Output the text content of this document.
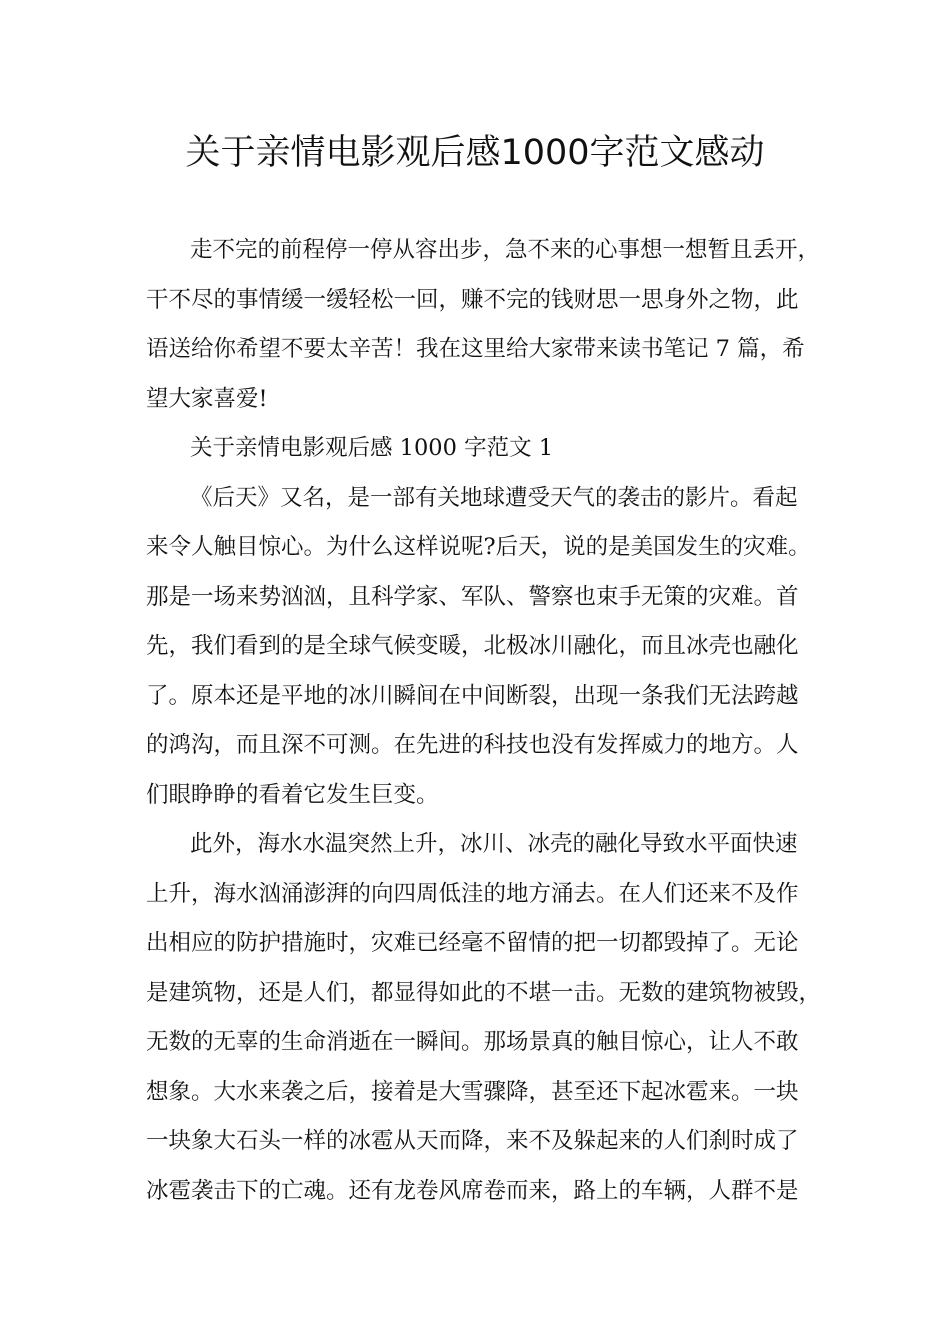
关于亲情电影观后感1000字范文感动
走不完的前程停一停从容出步，急不来的心事想一想暂且丢开，
干不尽的事情缓一缓轻松一回，赚不完的钱财思一思身外之物，此
语送给你希望不要太辛苦！我在这里给大家带来读书笔记 7 篇，希
望大家喜爱!
关于亲情电影观后感 1000 字范文 1
《后天》又名，是一部有关地球遭受天气的袭击的影片。看起
来令人触目惊心。为什么这样说呢?后天，说的是美国发生的灾难。
那是一场来势汹汹，且科学家、军队、警察也束手无策的灾难。首
先，我们看到的是全球气候变暖，北极冰川融化，而且冰壳也融化
了。原本还是平地的冰川瞬间在中间断裂，出现一条我们无法跨越
的鸿沟，而且深不可测。在先进的科技也没有发挥威力的地方。人
们眼睁睁的看着它发生巨变。
此外，海水水温突然上升，冰川、冰壳的融化导致水平面快速
上升，海水汹涌澎湃的向四周低洼的地方涌去。在人们还来不及作
出相应的防护措施时，灾难已经毫不留情的把一切都毁掉了。无论
是建筑物，还是人们，都显得如此的不堪一击。无数的建筑物被毁，
无数的无辜的生命消逝在一瞬间。那场景真的触目惊心，让人不敢
想象。大水来袭之后，接着是大雪骤降，甚至还下起冰雹来。一块
一块象大石头一样的冰雹从天而降，来不及躲起来的人们刹时成了
冰雹袭击下的亡魂。还有龙卷风席卷而来，路上的车辆，人群不是
